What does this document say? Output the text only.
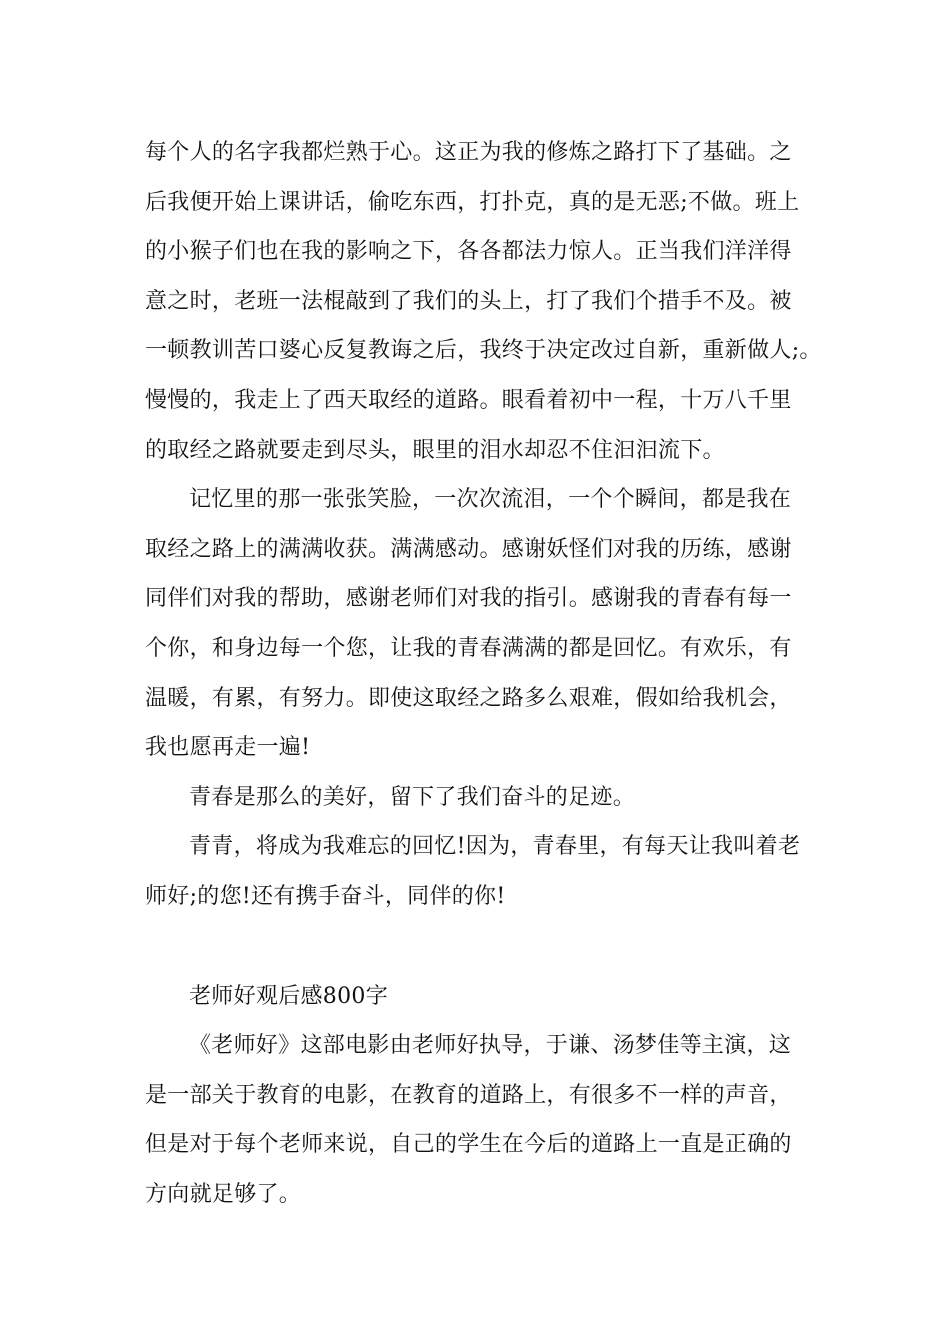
每个人的名字我都烂熟于心。这正为我的修炼之路打下了基础。之
后我便开始上课讲话，偷吃东西，打扑克，真的是无恶;不做。班上
的小猴子们也在我的影响之下，各各都法力惊人。正当我们洋洋得
意之时，老班一法棍敲到了我们的头上，打了我们个措手不及。被
一顿教训苦口婆心反复教诲之后，我终于决定改过自新，重新做人;。
慢慢的，我走上了西天取经的道路。眼看着初中一程，十万八千里
的取经之路就要走到尽头，眼里的泪水却忍不住汩汩流下。
记忆里的那一张张笑脸，一次次流泪，一个个瞬间，都是我在
取经之路上的满满收获。满满感动。感谢妖怪们对我的历练，感谢
同伴们对我的帮助，感谢老师们对我的指引。感谢我的青春有每一
个你，和身边每一个您，让我的青春满满的都是回忆。有欢乐，有
温暖，有累，有努力。即使这取经之路多么艰难，假如给我机会，
我也愿再走一遍!
青春是那么的美好，留下了我们奋斗的足迹。
青青，将成为我难忘的回忆!因为，青春里，有每天让我叫着老
师好;的您!还有携手奋斗，同伴的你!
老师好观后感800字
《老师好》这部电影由老师好执导，于谦、汤梦佳等主演，这
是一部关于教育的电影，在教育的道路上，有很多不一样的声音，
但是对于每个老师来说，自己的学生在今后的道路上一直是正确的
方向就足够了。
